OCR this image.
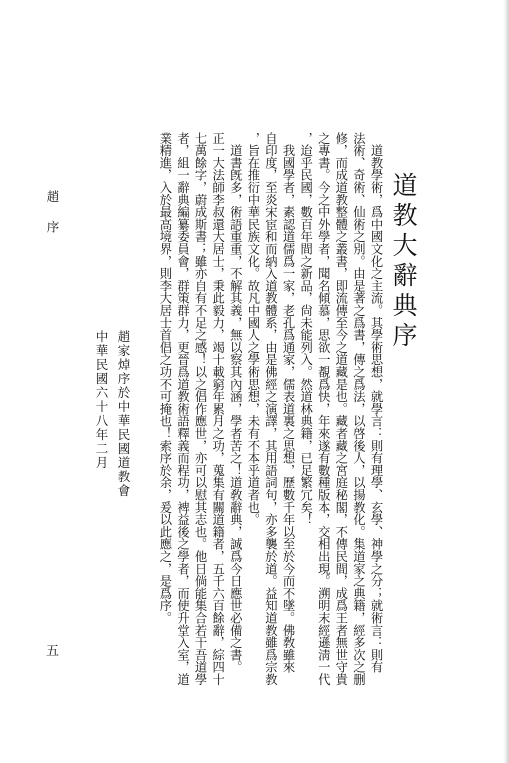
道教大辭典序
　道教學術，爲中國文化之主流。其學術思想，就學言：則有理學、玄學、神學之分；就術言：則有
法術、奇術、仙術之別。由是著之爲書，傳之爲法，以啓後人，以揚教化。集道家之典籍，經多次之删
修，而成道教整體之叢書，即流傳至今之道藏是也。藏者藏之宮庭秘閣，不傳民間，成爲王者無世守貴
之專書。今之中外學者，聞名傾慕，思欲一覩爲快，年來遂有數種版本，交相出現。溯明末經遜淸一代
，迨乎民國，數百年間之新品，尙未能列入。然道林典籍，已足繁冗矣！
　我國學者，素認道儒爲一家，老孔爲通家，儒表道裏之思想，歷數千年以至於今而不墜。佛敎雖來
自印度，至炎宋宦和而納入道教體系，由是佛經之演譯，其用語詞句，亦多襲於道。益知道教雖爲宗教
，旨在推衍中華民族文化。故凡中國人之學術思想，未有不本乎道者也。
　道書旣多，術語重重，不解其義，無以察其內涵，學者苦之！道敎辭典，誠爲今日應世必備之書。
正一大法師李叔還大居士，秉此毅力，竭十載窮年累月之功，蒐集有關道籍者，五千六百餘辭，綜四十
七萬餘字，蔚成斯書；雖亦自有不足之感！以之倡作應世，亦可以慰其志也。他日倘能集合若干吾道學
者，組一辭典編纂委員會，群策群力，更晉爲道教術語釋義而程功，裨益後之學者，而使升堂入室，道
業精進，入於最高境界，則李大居士首倡之功不可掩也！索序於余，爰以此應之，是爲序。
趙家焯序於中華民國道教會
中華民國六十八年二月
趙序
五
